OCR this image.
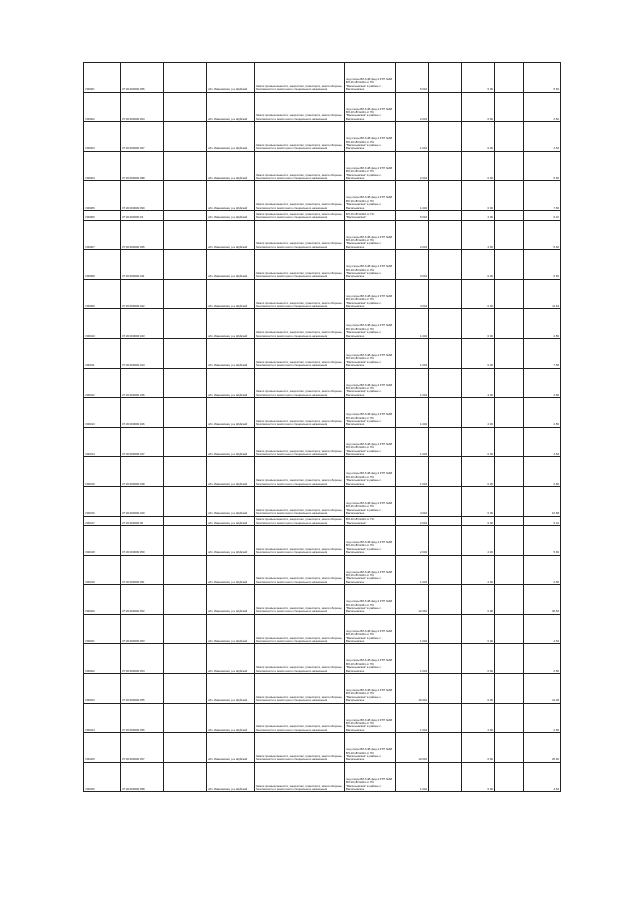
V00001	37:30:000000:395		обл. Ивановская, р-н Шуйский	Земли промышленности, энергетики, транспорта, земли обороны, безопасности и земли иного специального назначения	под опоры ВЛ-6 кВ фид.4 КТП №68 ВЛ-10 кВ №411 от ПС "Васильевская" в районе с. Васильевское	5.004		0.00		5.63
V00002	37:30:000000:394		обл. Ивановская, р-н Шуйский	Земли промышленности, энергетики, транспорта, земли обороны, безопасности и земли иного специального назначения	под опоры ВЛ-6 кВ фид.4 КТП №68 ВЛ-10 кВ №411 от ПС "Васильевская" в районе с. Васильевское	2.004		0.00		2.52
V00003	37:30:000000:397		обл. Ивановская, р-н Шуйский	Земли промышленности, энергетики, транспорта, земли обороны, безопасности и земли иного специального назначения	под опоры ВЛ-6 кВ фид.4 КТП №68 ВЛ-10 кВ №411 от ПС "Васильевская" в районе с. Васильевское	1.004		0.00		2.54
V00004	37:30:000000:398		обл. Ивановская, р-н Шуйский	Земли промышленности, энергетики, транспорта, земли обороны, безопасности и земли иного специального назначения	под опоры ВЛ-6 кВ фид.4 КТП №68 ВЛ-10 кВ №411 от ПС "Васильевская" в районе с. Васильевское	2.004		0.00		5.60
V00005	37:30:000000:399		обл. Ивановская, р-н Шуйский	Земли промышленности, энергетики, транспорта, земли обороны, безопасности и земли иного специального назначения	под опоры ВЛ-6 кВ фид.4 КТП №68 ВЛ-10 кВ №411 от ПС "Васильевская" в районе с. Васильевское	1.004		0.00		7.56
V00006	37:30:000000:04		обл. Ивановская, р-н Шуйский	Земли промышленности, энергетики, транспорта, земли обороны, безопасности и земли иного специального назначения	ВЛ-10 кВ №410 от ПС "Васильевская"	5.004		2.00		6.10
V00007	37:30:000000:395		обл. Ивановская, р-н Шуйский	Земли промышленности, энергетики, транспорта, земли обороны, безопасности и земли иного специального назначения	под опоры ВЛ-6 кВ фид.4 КТП №68 ВЛ-10 кВ №411 от ПС "Васильевская" в районе с. Васильевское	2.004		2.00		5.62
V00008	37:30:000000:341		обл. Ивановская, р-н Шуйский	Земли промышленности, энергетики, транспорта, земли обороны, безопасности и земли иного специального назначения	под опоры ВЛ-6 кВ фид.4 КТП №68 ВЛ-10 кВ №411 от ПС "Васильевская" в районе с. Васильевское	3.004		0.00		6.53
V00009	37:30:000000:342		обл. Ивановская, р-н Шуйский	Земли промышленности, энергетики, транспорта, земли обороны, безопасности и земли иного специального назначения	под опоры ВЛ-6 кВ фид.4 КТП №68 ВЛ-10 кВ №411 от ПС "Васильевская" в районе с. Васильевское	4.004		0.00		11.64
V00010	37:30:000000:343		обл. Ивановская, р-н Шуйский	Земли промышленности, энергетики, транспорта, земли обороны, безопасности и земли иного специального назначения	под опоры ВЛ-6 кВ фид.4 КТП №68 ВЛ-10 кВ №411 от ПС "Васильевская" в районе с. Васильевское	1.004		0.00		2.56
V00011	37:30:000000:344		обл. Ивановская, р-н Шуйский	Земли промышленности, энергетики, транспорта, земли обороны, безопасности и земли иного специального назначения	под опоры ВЛ-6 кВ фид.4 КТП №68 ВЛ-10 кВ №411 от ПС "Васильевская" в районе с. Васильевское	1.004		0.00		7.56
V00012	37:30:000000:345		обл. Ивановская, р-н Шуйский	Земли промышленности, энергетики, транспорта, земли обороны, безопасности и земли иного специального назначения	под опоры ВЛ-6 кВ фид.4 КТП №68 ВЛ-10 кВ №411 от ПС "Васильевская" в районе с. Васильевское	1.004		2.00		2.56
V00013	37:30:000000:346		обл. Ивановская, р-н Шуйский	Земли промышленности, энергетики, транспорта, земли обороны, безопасности и земли иного специального назначения	под опоры ВЛ-6 кВ фид.4 КТП №68 ВЛ-10 кВ №411 от ПС "Васильевская" в районе с. Васильевское	1.004		2.00		2.56
V00014	37:30:000000:347		обл. Ивановская, р-н Шуйский	Земли промышленности, энергетики, транспорта, земли обороны, безопасности и земли иного специального назначения	под опоры ВЛ-6 кВ фид.4 КТП №68 ВЛ-10 кВ №411 от ПС "Васильевская" в районе с. Васильевское	1.004		0.00		2.54
V00015	37:30:000000:348		обл. Ивановская, р-н Шуйский	Земли промышленности, энергетики, транспорта, земли обороны, безопасности и земли иного специального назначения	под опоры ВЛ-6 кВ фид.4 КТП №68 ВЛ-10 кВ №411 от ПС "Васильевская" в районе с. Васильевское	1.004		0.00		2.56
V00016	37:30:000000:349		обл. Ивановская, р-н Шуйский	Земли промышленности, энергетики, транспорта, земли обороны, безопасности и земли иного специального назначения	под опоры ВЛ-6 кВ фид.4 КТП №68 ВЛ-10 кВ №411 от ПС "Васильевская" в районе с. Васильевское	4.004		0.00		10.68
V00017	37:30:000000:05		обл. Ивановская, р-н Шуйский	Земли промышленности, энергетики, транспорта, земли обороны, безопасности и земли иного специального назначения	ВЛ-10 кВ №410 от ПС "Васильевская"	2.004		0.00		5.10
V00018	37:30:000000:350		обл. Ивановская, р-н Шуйский	Земли промышленности, энергетики, транспорта, земли обороны, безопасности и земли иного специального назначения	под опоры ВЛ-6 кВ фид.4 КТП №68 ВЛ-10 кВ №411 от ПС "Васильевская" в районе с. Васильевское	2.004		2.00		5.60
V00019	37:30:000000:351		обл. Ивановская, р-н Шуйский	Земли промышленности, энергетики, транспорта, земли обороны, безопасности и земли иного специального назначения	под опоры ВЛ-6 кВ фид.4 КТП №68 ВЛ-10 кВ №411 от ПС "Васильевская" в районе с. Васильевское	1.004		2.00		2.56
V00020	37:30:000000:352		обл. Ивановская, р-н Шуйский	Земли промышленности, энергетики, транспорта, земли обороны, безопасности и земли иного специального назначения	под опоры ВЛ-6 кВ фид.4 КТП №68 ВЛ-10 кВ №411 от ПС "Васильевская" в районе с. Васильевское	12.004		0.00		30.52
V00021	37:30:000000:353		обл. Ивановская, р-н Шуйский	Земли промышленности, энергетики, транспорта, земли обороны, безопасности и земли иного специального назначения	под опоры ВЛ-6 кВ фид.4 КТП №68 ВЛ-10 кВ №411 от ПС "Васильевская" в районе с. Васильевское	1.004		0.00		2.54
V00022	37:30:000000:354		обл. Ивановская, р-н Шуйский	Земли промышленности, энергетики, транспорта, земли обороны, безопасности и земли иного специального назначения	под опоры ВЛ-6 кВ фид.4 КТП №68 ВЛ-10 кВ №411 от ПС "Васильевская" в районе с. Васильевское	1.004		0.00		2.56
V00023	37:30:000000:355		обл. Ивановская, р-н Шуйский	Земли промышленности, энергетики, транспорта, земли обороны, безопасности и земли иного специального назначения	под опоры ВЛ-6 кВ фид.4 КТП №68 ВЛ-10 кВ №411 от ПС "Васильевская" в районе с. Васильевское	16.004		0.00		41.28
V00024	37:30:000000:356		обл. Ивановская, р-н Шуйский	Земли промышленности, энергетики, транспорта, земли обороны, безопасности и земли иного специального назначения	под опоры ВЛ-6 кВ фид.4 КТП №68 ВЛ-10 кВ №411 от ПС "Васильевская" в районе с. Васильевское	1.004		2.00		2.56
V00025	37:30:000000:357		обл. Ивановская, р-н Шуйский	Земли промышленности, энергетики, транспорта, земли обороны, безопасности и земли иного специального назначения	под опоры ВЛ-6 кВ фид.4 КТП №68 ВЛ-10 кВ №411 от ПС "Васильевская" в районе с. Васильевское	10.004		0.00		25.60
V00026	37:30:000000:358		обл. Ивановская, р-н Шуйский	Земли промышленности, энергетики, транспорта, земли обороны, безопасности и земли иного специального назначения	под опоры ВЛ-6 кВ фид.4 КТП №68 ВЛ-10 кВ №411 от ПС "Васильевская" в районе с. Васильевское	1.004		0.00		2.54
